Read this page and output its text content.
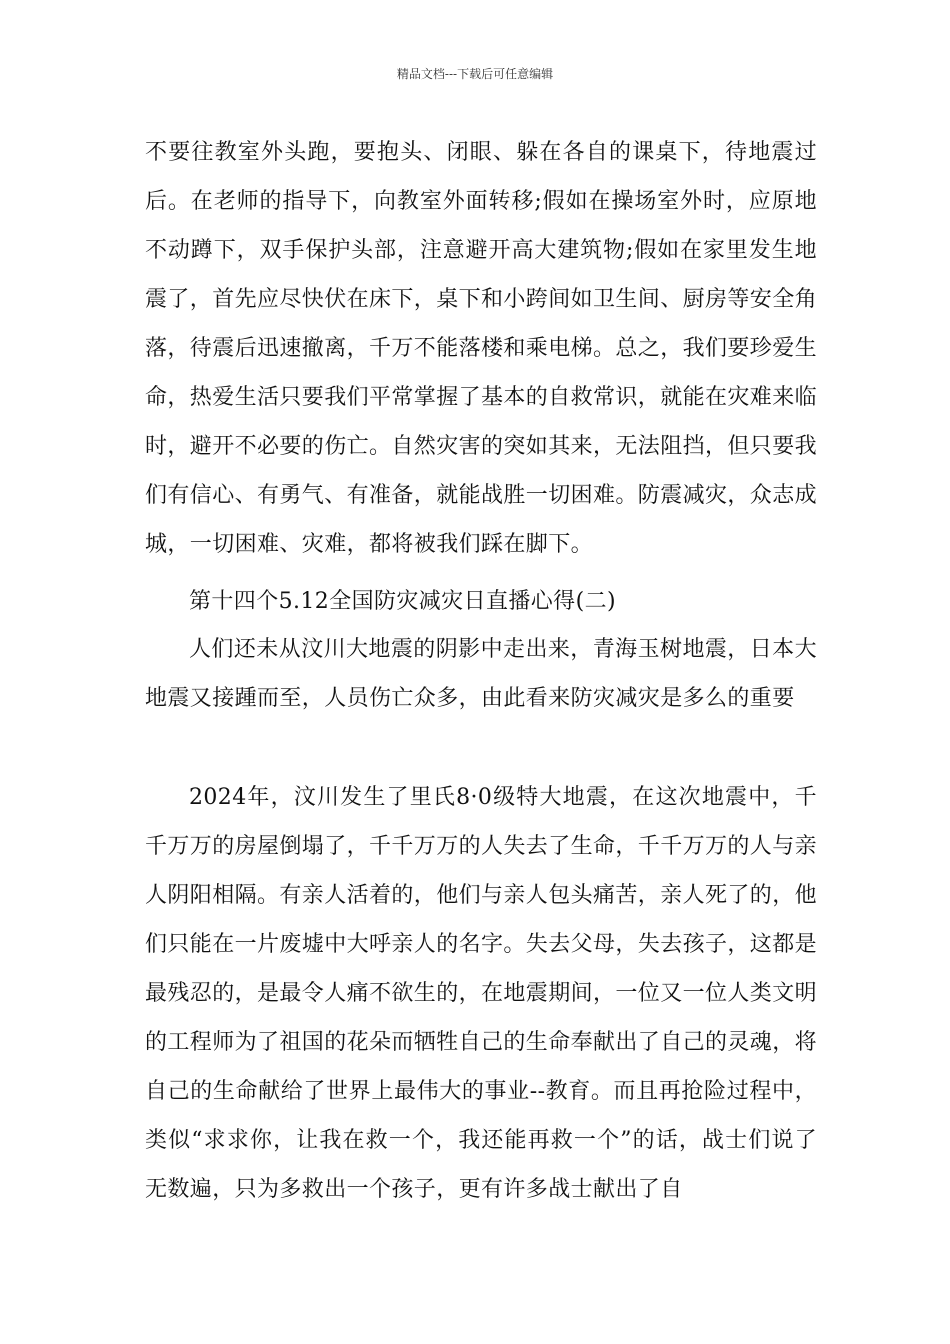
精品文档---下载后可任意编辑

不要往教室外头跑，要抱头、闭眼、躲在各自的课桌下，待地震过后。在老师的指导下，向教室外面转移;假如在操场室外时，应原地不动蹲下，双手保护头部，注意避开高大建筑物;假如在家里发生地震了，首先应尽快伏在床下，桌下和小跨间如卫生间、厨房等安全角落，待震后迅速撤离，千万不能落楼和乘电梯。总之，我们要珍爱生命，热爱生活只要我们平常掌握了基本的自救常识，就能在灾难来临时，避开不必要的伤亡。自然灾害的突如其来，无法阻挡，但只要我们有信心、有勇气、有准备，就能战胜一切困难。防震减灾，众志成城，一切困难、灾难，都将被我们踩在脚下。

第十四个5.12全国防灾减灾日直播心得(二)

人们还未从汶川大地震的阴影中走出来，青海玉树地震，日本大地震又接踵而至，人员伤亡众多，由此看来防灾减灾是多么的重要

2024年，汶川发生了里氏8·0级特大地震，在这次地震中，千千万万的房屋倒塌了，千千万万的人失去了生命，千千万万的人与亲人阴阳相隔。有亲人活着的，他们与亲人包头痛苦，亲人死了的，他们只能在一片废墟中大呼亲人的名字。失去父母，失去孩子，这都是最残忍的，是最令人痛不欲生的，在地震期间，一位又一位人类文明的工程师为了祖国的花朵而牺牲自己的生命奉献出了自己的灵魂，将自己的生命献给了世界上最伟大的事业--教育。而且再抢险过程中，类似“求求你，让我在救一个，我还能再救一个”的话，战士们说了无数遍，只为多救出一个孩子，更有许多战士献出了自
